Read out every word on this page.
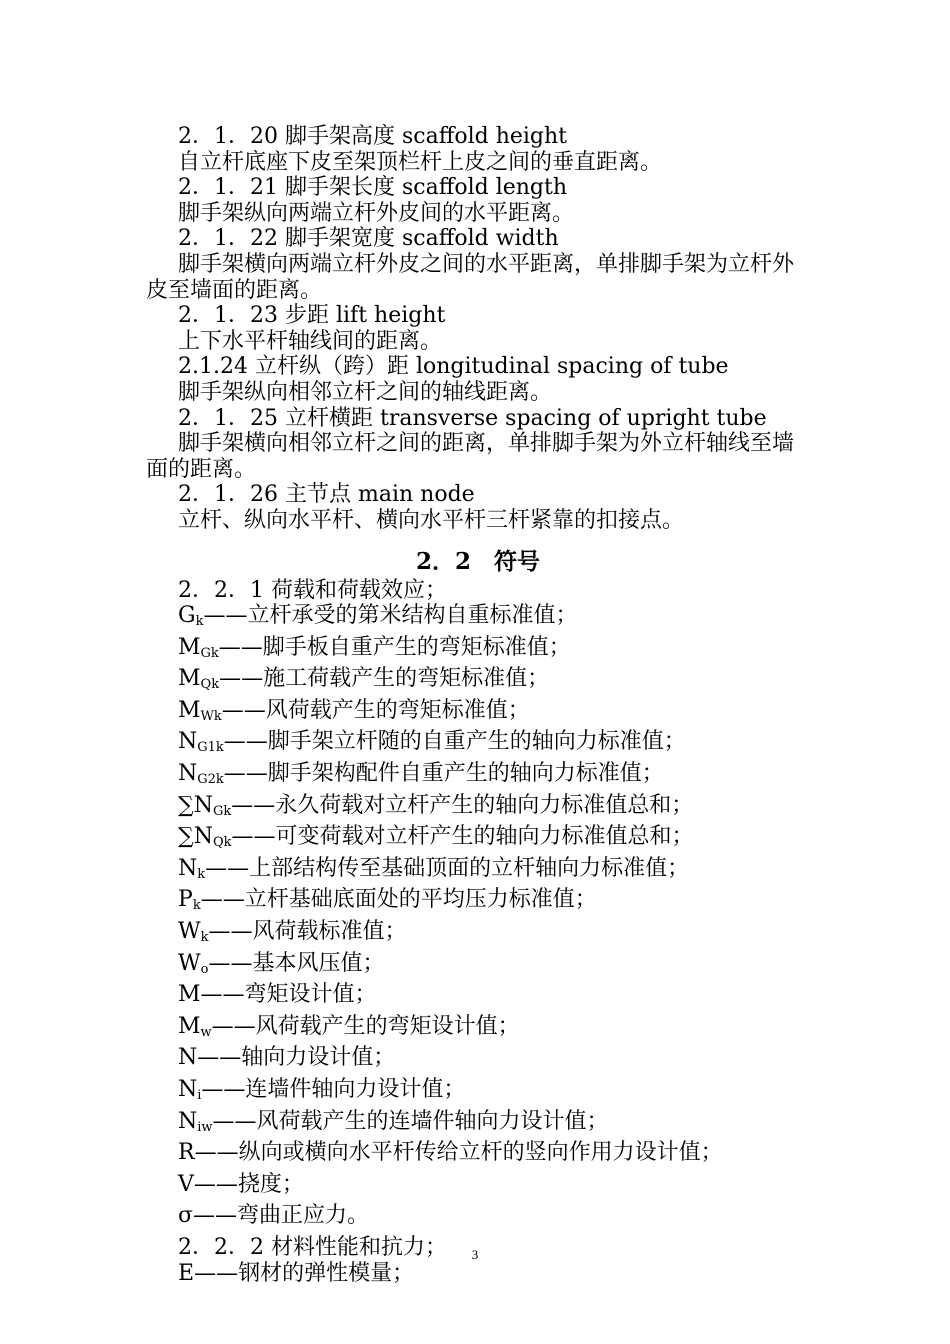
2．1．20 脚手架高度 scaffold height

自立杆底座下皮至架顶栏杆上皮之间的垂直距离。

2．1．21 脚手架长度 scaffold length

脚手架纵向两端立杆外皮间的水平距离。

2．1．22 脚手架宽度 scaffold width

脚手架横向两端立杆外皮之间的水平距离，单排脚手架为立杆外皮至墙面的距离。

2．1．23 步距 lift height

上下水平杆轴线间的距离。

2.1.24 立杆纵（跨）距 longitudinal spacing of tube

脚手架纵向相邻立杆之间的轴线距离。

2．1．25 立杆横距 transverse spacing of upright tube

脚手架横向相邻立杆之间的距离，单排脚手架为外立杆轴线至墙面的距离。

2．1．26 主节点 main node

立杆、纵向水平杆、横向水平杆三杆紧靠的扣接点。

2．2　符号

2．2．1 荷载和荷载效应；

$G_k——$立杆承受的第米结构自重标准值；

$M_{Gk}——$脚手板自重产生的弯矩标准值；

$M_{Qk}——$施工荷载产生的弯矩标准值；

$M_{Wk}——$风荷载产生的弯矩标准值；

$N_{G1k}——$脚手架立杆随的自重产生的轴向力标准值；

$N_{G2k}——$脚手架构配件自重产生的轴向力标准值；

$\sum N_{Gk}——$永久荷载对立杆产生的轴向力标准值总和；

$\sum N_{Qk}——$可变荷载对立杆产生的轴向力标准值总和；

$N_k——$上部结构传至基础顶面的立杆轴向力标准值；

$P_k——$立杆基础底面处的平均压力标准值；

$W_k——$风荷载标准值；

$W_o——$基本风压值；

M——弯矩设计值；

$M_w——$风荷载产生的弯矩设计值；

N——轴向力设计值；

$N_i——$连墙件轴向力设计值；

$N_{iw}——$风荷载产生的连墙件轴向力设计值；

R——纵向或横向水平杆传给立杆的竖向作用力设计值；

V——挠度；

σ——弯曲正应力。

2．2．2 材料性能和抗力；

E——钢材的弹性模量；

3
